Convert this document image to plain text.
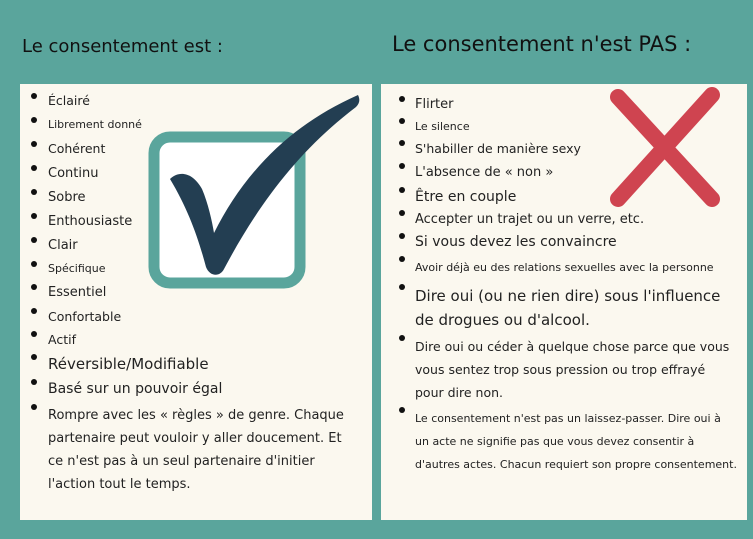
Le consentement est :	Le consentement n'est PAS :
Éclairé
Librement donné
Cohérent
Continu
Sobre
Enthousiaste
Clair
Spécifique
Essentiel
Confortable
Actif
Réversible/Modifiable
Basé sur un pouvoir égal
Rompre avec les « règles » de genre. Chaque partenaire peut vouloir y aller doucement. Et ce n'est pas à un seul partenaire d'initier l'action tout le temps.
Flirter
Le silence
S'habiller de manière sexy
L'absence de « non »
Être en couple
Accepter un trajet ou un verre, etc.
Si vous devez les convaincre
Avoir déjà eu des relations sexuelles avec la personne
Dire oui (ou ne rien dire) sous l'influence de drogues ou d'alcool.
Dire oui ou céder à quelque chose parce que vous vous sentez trop sous pression ou trop effrayé pour dire non.
Le consentement n'est pas un laissez-passer. Dire oui à un acte ne signifie pas que vous devez consentir à d'autres actes. Chacun requiert son propre consentement.
